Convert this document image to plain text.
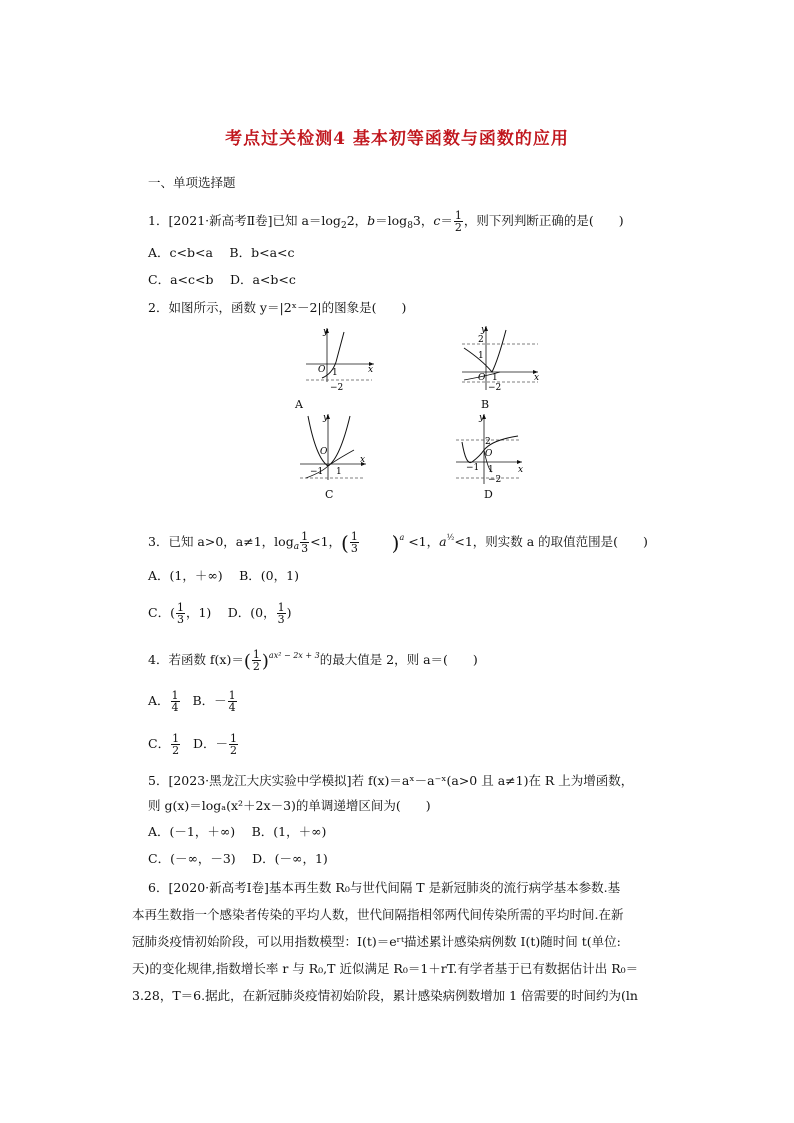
考点过关检测4 基本初等函数与函数的应用
一、单项选择题
1．[2021·新高考Ⅱ卷]已知 $a=\log_22$，$b=\log_83$，$c= \frac{1}{2}$ ，则下列判断正确的是(　　)
A．c<b<a　 B．b<a<c
C．a<c<b　 D．a<b<c
2．如图所示，函数 y＝|2ˣ－2|的图象是(　　)
y
x
O 1
−2
A
y
x
2
1
O 1
−2
B
y
x
O
−1 1
C
y
x
2
O
−1 1
−2
D
3．已知 a>0，a≠1，$\log_a \frac{1}{3} <1$，( $\frac{1}{3} )^a <1$，$a^{\frac{1}{2}}<1$，则实数 a 的取值范围是(　　)
A．(1，＋∞)　 B．(0，1)
C．( $\frac{1}{3}$ ，1)　 D．(0， $\frac{1}{3}$ )
4．若函数 $f(x)=( \frac{1}{2} )^{ax^2 - 2x + 3}$的最大值是 2，则 a＝(　　)
A． $\frac{1}{4}$ B．－ $\frac{1}{4}$
C． $\frac{1}{2}$ D．－ $\frac{1}{2}$
5．[2023·黑龙江大庆实验中学模拟]若 f(x)＝aˣ－a⁻ˣ(a>0 且 a≠1)在 R 上为增函数，
则 g(x)＝logₐ(x²＋2x－3)的单调递增区间为(　　)
A．(－1，＋∞)　 B．(1，＋∞)
C．(－∞，－3)　 D．(－∞，1)
6．[2020·新高考Ⅰ卷]基本再生数 R₀与世代间隔 T 是新冠肺炎的流行病学基本参数.基
本再生数指一个感染者传染的平均人数，世代间隔指相邻两代间传染所需的平均时间.在新
冠肺炎疫情初始阶段，可以用指数模型：I(t)＝eʳᵗ描述累计感染病例数 I(t)随时间 t(单位:
天)的变化规律,指数增长率 r 与 R₀,T 近似满足 R₀＝1＋rT.有学者基于已有数据估计出 R₀＝
3.28，T＝6.据此，在新冠肺炎疫情初始阶段，累计感染病例数增加 1 倍需要的时间约为(ln
